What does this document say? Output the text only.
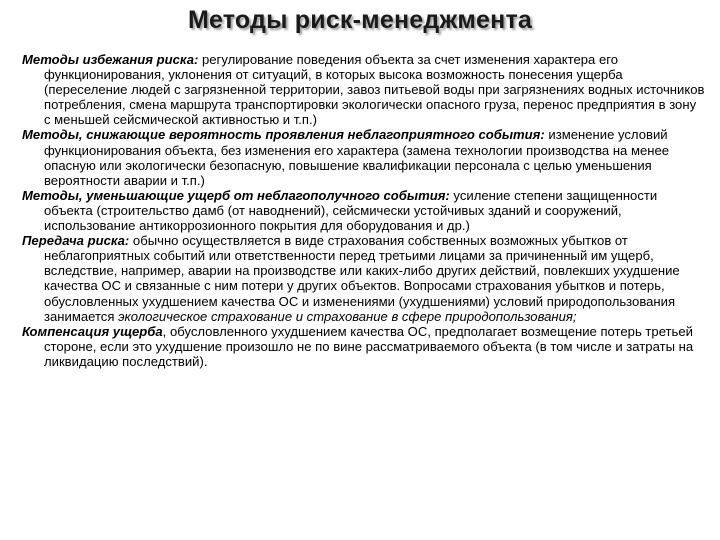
Методы риск-менеджмента

Методы избежания риска: регулирование поведения объекта за счет изменения характера его функционирования, уклонения от ситуаций, в которых высока возможность понесения ущерба (переселение людей с загрязненной территории, завоз питьевой воды при загрязнениях водных источников потребления, смена маршрута транспортировки экологически опасного груза, перенос предприятия в зону с меньшей сейсмической активностью и т.п.)

Методы, снижающие вероятность проявления неблагоприятного события: изменение условий функционирования объекта, без изменения его характера (замена технологии производства на менее опасную или экологически безопасную, повышение квалификации персонала с целью уменьшения вероятности аварии и т.п.)

Методы, уменьшающие ущерб от неблагополучного события: усиление степени защищенности объекта (строительство дамб (от наводнений), сейсмически устойчивых зданий и сооружений, использование антикоррозионного покрытия для оборудования и др.)

Передача риска: обычно осуществляется в виде страхования собственных возможных убытков от неблагоприятных событий или ответственности перед третьими лицами за причиненный им ущерб, вследствие, например, аварии на производстве или каких-либо других действий, повлекших ухудшение качества ОС и связанные с ним потери у других объектов. Вопросами страхования убытков и потерь, обусловленных ухудшением качества ОС и изменениями (ухудшениями) условий природопользования занимается экологическое страхование и страхование в сфере природопользования;

Компенсация ущерба, обусловленного ухудшением качества ОС, предполагает возмещение потерь третьей стороне, если это ухудшение произошло не по вине рассматриваемого объекта (в том числе и затраты на ликвидацию последствий).
